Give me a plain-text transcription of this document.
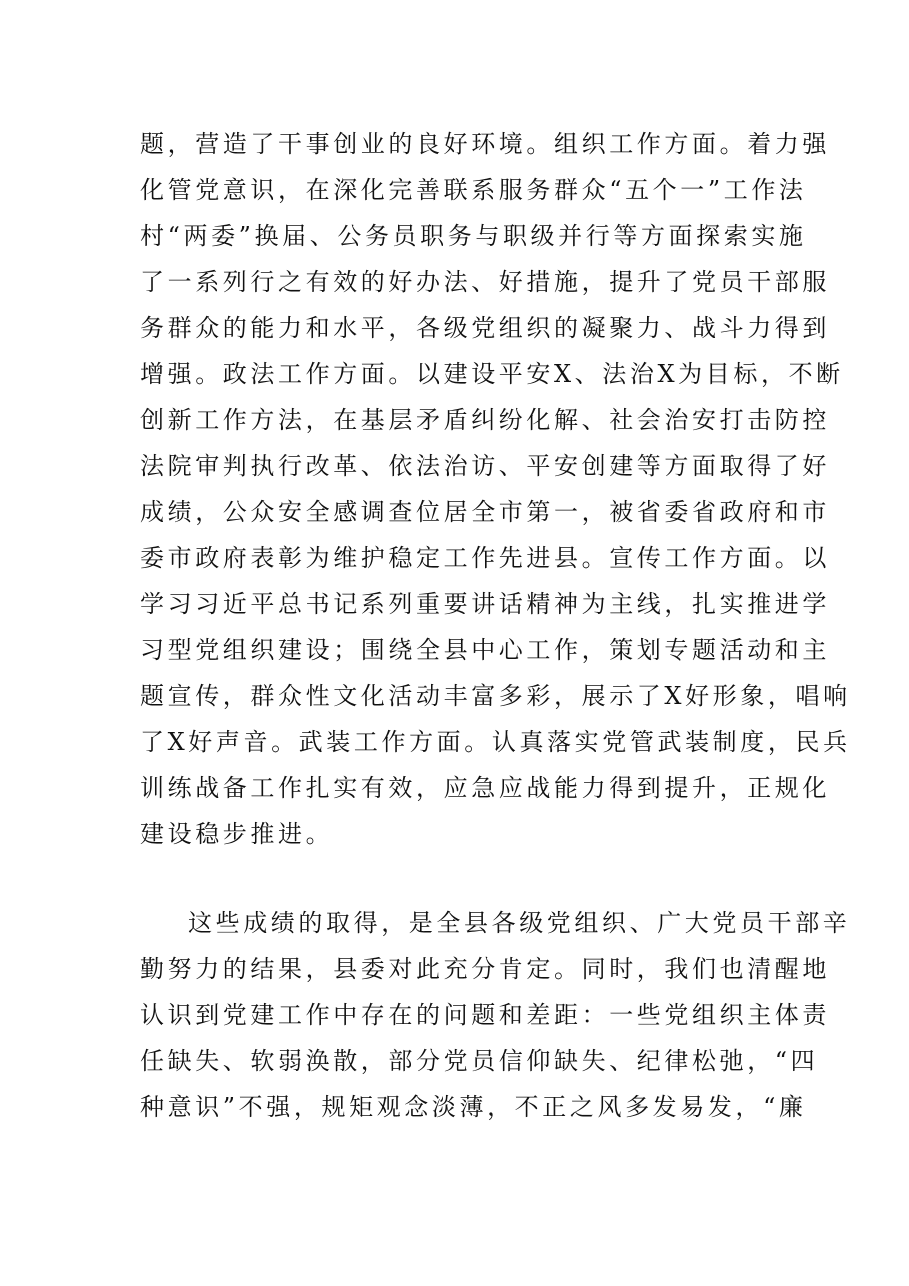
题，营造了干事创业的良好环境。组织工作方面。着力强
化管党意识，在深化完善联系服务群众“五个一”工作法
村“两委”换届、公务员职务与职级并行等方面探索实施
了一系列行之有效的好办法、好措施，提升了党员干部服
务群众的能力和水平，各级党组织的凝聚力、战斗力得到
增强。政法工作方面。以建设平安X、法治X为目标，不断
创新工作方法，在基层矛盾纠纷化解、社会治安打击防控
法院审判执行改革、依法治访、平安创建等方面取得了好
成绩，公众安全感调查位居全市第一，被省委省政府和市
委市政府表彰为维护稳定工作先进县。宣传工作方面。以
学习习近平总书记系列重要讲话精神为主线，扎实推进学
习型党组织建设；围绕全县中心工作，策划专题活动和主
题宣传，群众性文化活动丰富多彩，展示了X好形象，唱响
了X好声音。武装工作方面。认真落实党管武装制度，民兵
训练战备工作扎实有效，应急应战能力得到提升，正规化
建设稳步推进。
这些成绩的取得，是全县各级党组织、广大党员干部辛
勤努力的结果，县委对此充分肯定。同时，我们也清醒地
认识到党建工作中存在的问题和差距：一些党组织主体责
任缺失、软弱涣散，部分党员信仰缺失、纪律松弛，“四
种意识”不强，规矩观念淡薄，不正之风多发易发，“廉
